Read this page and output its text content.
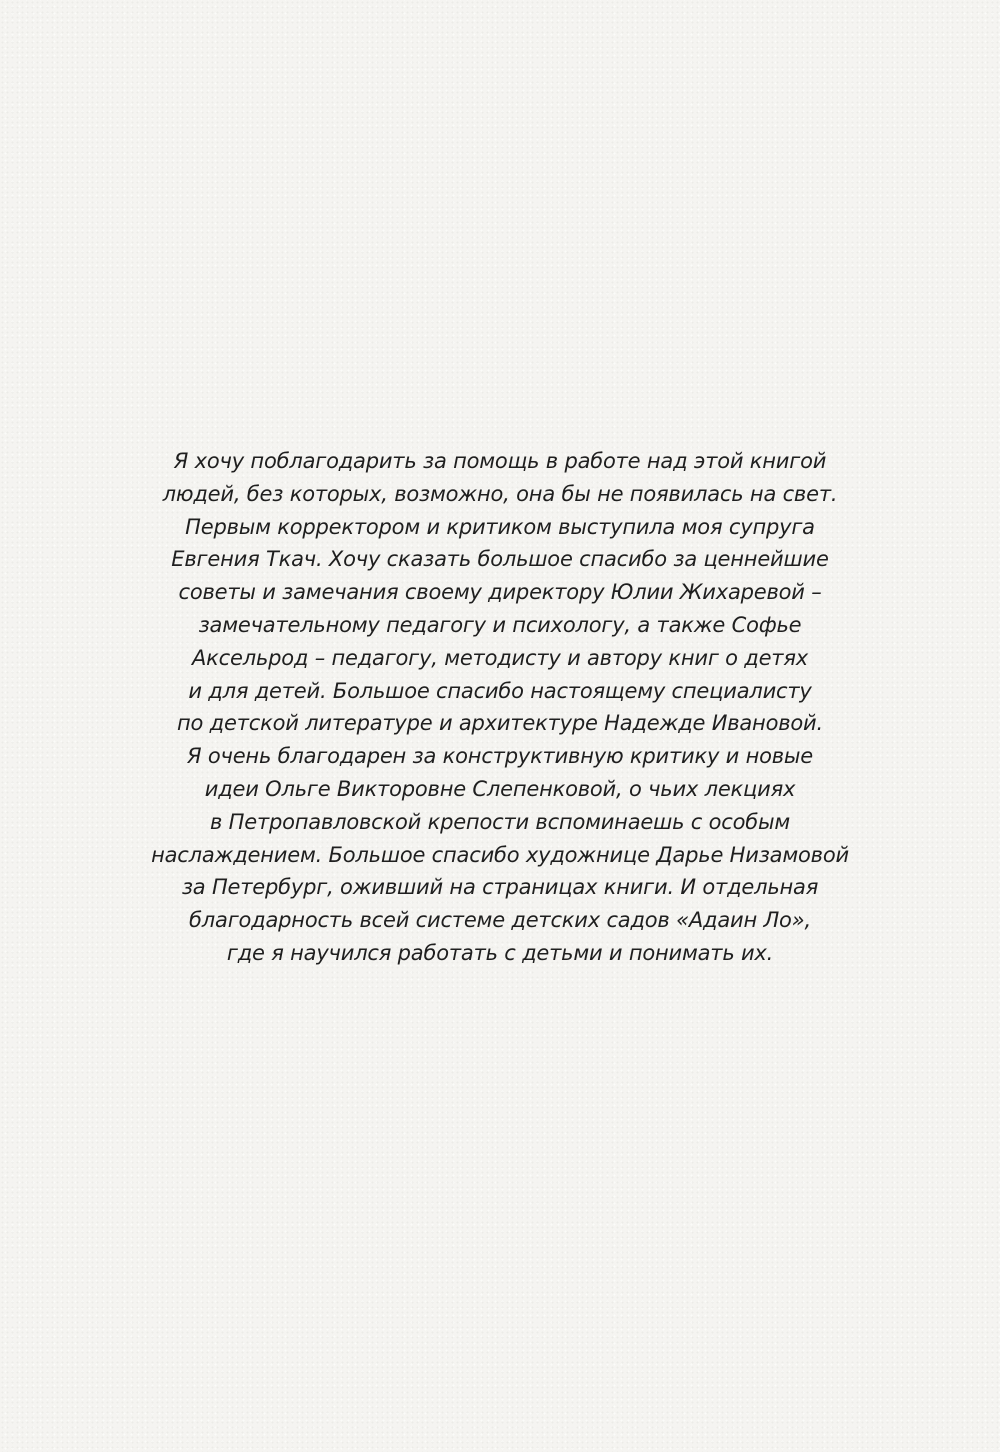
Я хочу поблагодарить за помощь в работе над этой книгой
людей, без которых, возможно, она бы не появилась на свет.
Первым корректором и критиком выступила моя супруга
Евгения Ткач. Хочу сказать большое спасибо за ценнейшие
советы и замечания своему директору Юлии Жихаревой –
замечательному педагогу и психологу, а также Софье
Аксельрод – педагогу, методисту и автору книг о детях
и для детей. Большое спасибо настоящему специалисту
по детской литературе и архитектуре Надежде Ивановой.
Я очень благодарен за конструктивную критику и новые
идеи Ольге Викторовне Слепенковой, о чьих лекциях
в Петропавловской крепости вспоминаешь с особым
наслаждением. Большое спасибо художнице Дарье Низамовой
за Петербург, оживший на страницах книги. И отдельная
благодарность всей системе детских садов «Адаин Ло»,
где я научился работать с детьми и понимать их.
